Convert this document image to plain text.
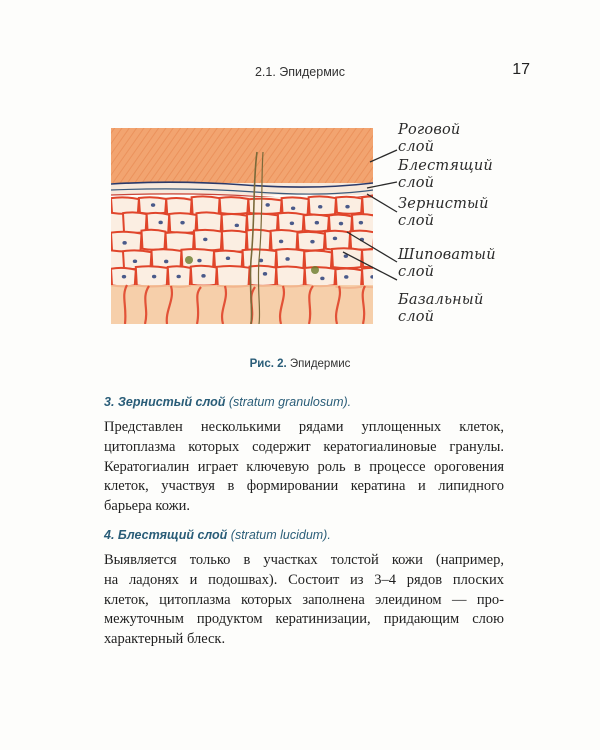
2.1. Эпидермис	17
Роговой
слой
Блестящий
слой
Зернистый
слой
Шиповатый
слой
Базальный
слой
Рис. 2. Эпидермис
3. Зернистый слой (stratum granulosum).
Представлен несколькими рядами уплощенных клеток,
цитоплазма которых содержит кератогиалиновые гранулы.
Кератогиалин играет ключевую роль в процессе ороговения
клеток, участвуя в формировании кератина и липидного
барьера кожи.
4. Блестящий слой (stratum lucidum).
Выявляется только в участках толстой кожи (например,
на ладонях и подошвах). Состоит из 3–4 рядов плоских
клеток, цитоплазма которых заполнена элеидином — про-
межуточным продуктом кератинизации, придающим слою
характерный блеск.
